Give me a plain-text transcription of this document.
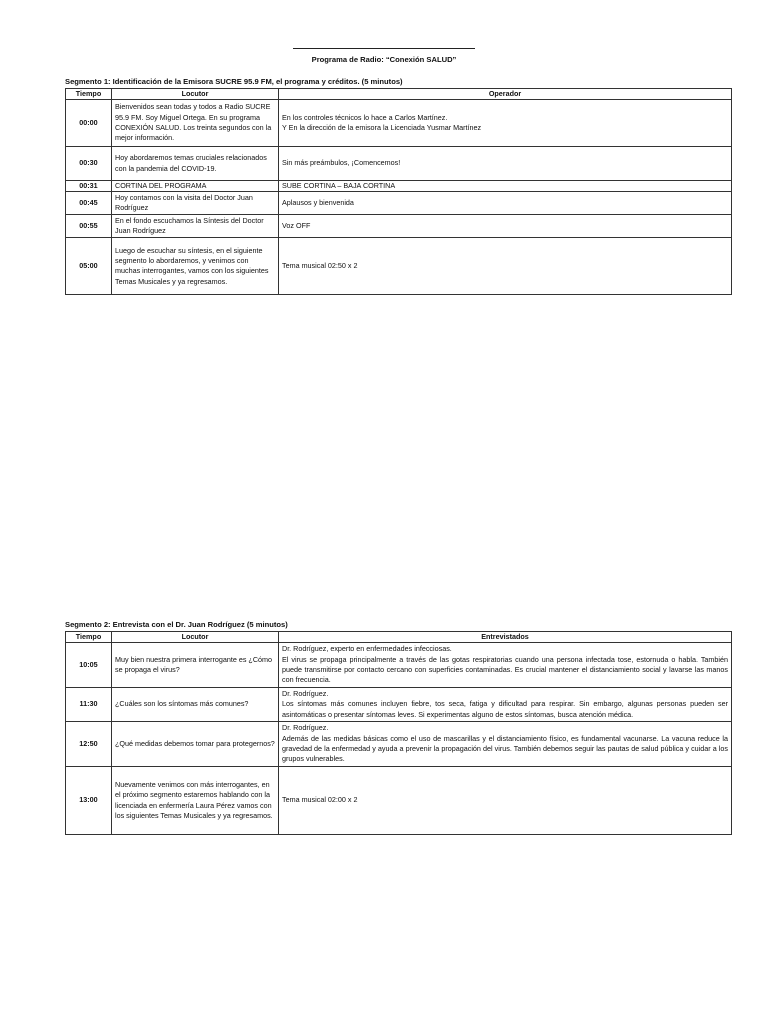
Programa de Radio: “Conexión SALUD”
Segmento 1: Identificación de la Emisora SUCRE 95.9 FM, el programa y créditos. (5 minutos)
Tiempo	Locutor	Operador
00:00	Bienvenidos sean todas y todos a Radio SUCRE 95.9 FM. Soy Miguel Ortega. En su programa CONEXIÓN SALUD. Los treinta segundos con la mejor información.	En los controles técnicos lo hace a Carlos Martínez.
Y En la dirección de la emisora la Licenciada Yusmar Martínez

00:30	Hoy abordaremos temas cruciales relacionados con la pandemia del COVID-19.	Sin más preámbulos, ¡Comencemos!
00:31	CORTINA DEL PROGRAMA	SUBE CORTINA – BAJA CORTINA
00:45	Hoy contamos con la visita del Doctor Juan Rodríguez	Aplausos y bienvenida
00:55	En el fondo escuchamos la Síntesis del Doctor Juan Rodríguez	Voz OFF
05:00	Luego de escuchar su síntesis, en el siguiente segmento lo abordaremos, y venimos con muchas interrogantes, vamos con los siguientes Temas Musicales y ya regresamos.	Tema musical 02:50 x 2
Segmento 2: Entrevista con el Dr. Juan Rodríguez (5 minutos)
Tiempo	Locutor	Entrevistados
10:05	Muy bien nuestra primera interrogante es ¿Cómo se propaga el virus?	Dr. Rodríguez, experto en enfermedades infecciosas.
El virus se propaga principalmente a través de las gotas respiratorias cuando una persona infectada tose, estornuda o habla. También puede transmitirse por contacto cercano con superficies contaminadas. Es crucial mantener el distanciamiento social y lavarse las manos con frecuencia.

11:30	¿Cuáles son los síntomas más comunes?	Dr. Rodríguez.
Los síntomas más comunes incluyen fiebre, tos seca, fatiga y dificultad para respirar. Sin embargo, algunas personas pueden ser asintomáticas o presentar síntomas leves. Si experimentas alguno de estos síntomas, busca atención médica.

12:50	¿Qué medidas debemos tomar para protegernos?	Dr. Rodríguez.
Además de las medidas básicas como el uso de mascarillas y el distanciamiento físico, es fundamental vacunarse. La vacuna reduce la gravedad de la enfermedad y ayuda a prevenir la propagación del virus. También debemos seguir las pautas de salud pública y cuidar a los grupos vulnerables.

13:00	Nuevamente venimos con más interrogantes, en el próximo segmento estaremos hablando con la licenciada en enfermería Laura Pérez vamos con los siguientes Temas Musicales y ya regresamos.	Tema musical 02:00 x 2
